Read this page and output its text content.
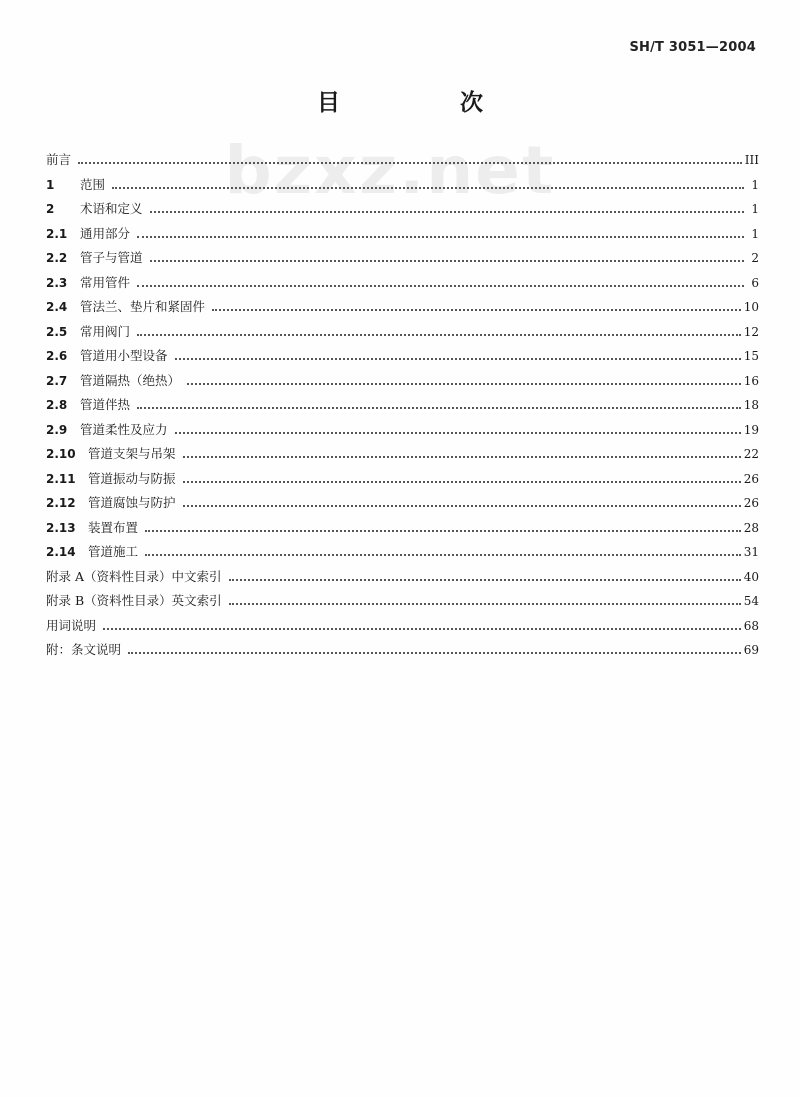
SH/T 3051—2004
目次
bzxz.net
前言	III
1	范围	1
2	术语和定义	1
2.1	通用部分	1
2.2	管子与管道	2
2.3	常用管件	6
2.4	管法兰、垫片和紧固件	10
2.5	常用阀门	12
2.6	管道用小型设备	15
2.7	管道隔热（绝热）	16
2.8	管道伴热	18
2.9	管道柔性及应力	19
2.10 管道支架与吊架	22
2.11 管道振动与防振	26
2.12 管道腐蚀与防护	26
2.13 装置布置	28
2.14 管道施工	31
附录 A（资料性目录）中文索引	40
附录 B（资料性目录）英文索引	54
用词说明	68
附：条文说明	69
